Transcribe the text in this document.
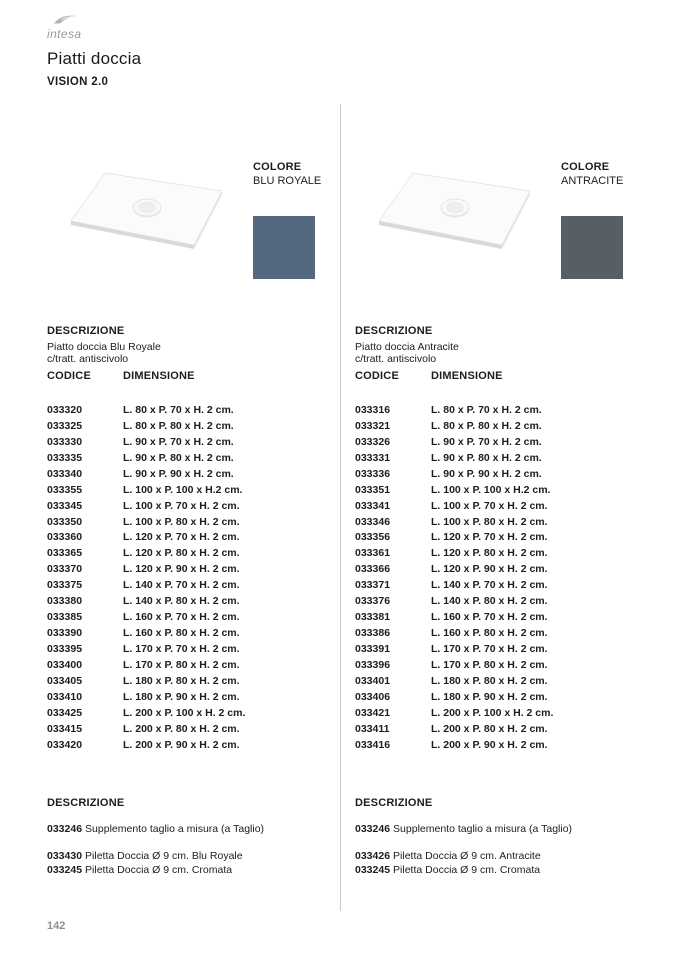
intesa
Piatti doccia
VISION 2.0
COLORE
BLU ROYALE
DESCRIZIONE
Piatto doccia Blu Royale
c/tratt. antiscivolo
CODICE	DIMENSIONE
033320	L. 80 x P. 70 x H. 2 cm.
033325	L. 80 x P. 80 x H. 2 cm.
033330	L. 90 x P. 70 x H. 2 cm.
033335	L. 90 x P. 80 x H. 2 cm.
033340	L. 90 x P. 90 x H. 2 cm.
033355	L. 100 x P. 100 x H.2 cm.
033345	L. 100 x P. 70 x H. 2 cm.
033350	L. 100 x P. 80 x H. 2 cm.
033360	L. 120 x P. 70 x H. 2 cm.
033365	L. 120 x P. 80 x H. 2 cm.
033370	L. 120 x P. 90 x H. 2 cm.
033375	L. 140 x P. 70 x H. 2 cm.
033380	L. 140 x P. 80 x H. 2 cm.
033385	L. 160 x P. 70 x H. 2 cm.
033390	L. 160 x P. 80 x H. 2 cm.
033395	L. 170 x P. 70 x H. 2 cm.
033400	L. 170 x P. 80 x H. 2 cm.
033405	L. 180 x P. 80 x H. 2 cm.
033410	L. 180 x P. 90 x H. 2 cm.
033425	L. 200 x P. 100 x H. 2 cm.
033415	L. 200 x P. 80 x H. 2 cm.
033420	L. 200 x P. 90 x H. 2 cm.
DESCRIZIONE
033246 Supplemento taglio a misura (a Taglio)
033430 Piletta Doccia Ø 9 cm. Blu Royale
033245 Piletta Doccia Ø 9 cm. Cromata
COLORE
ANTRACITE
DESCRIZIONE
Piatto doccia Antracite
c/tratt. antiscivolo
CODICE	DIMENSIONE
033316	L. 80 x P. 70 x H. 2 cm.
033321	L. 80 x P. 80 x H. 2 cm.
033326	L. 90 x P. 70 x H. 2 cm.
033331	L. 90 x P. 80 x H. 2 cm.
033336	L. 90 x P. 90 x H. 2 cm.
033351	L. 100 x P. 100 x H.2 cm.
033341	L. 100 x P. 70 x H. 2 cm.
033346	L. 100 x P. 80 x H. 2 cm.
033356	L. 120 x P. 70 x H. 2 cm.
033361	L. 120 x P. 80 x H. 2 cm.
033366	L. 120 x P. 90 x H. 2 cm.
033371	L. 140 x P. 70 x H. 2 cm.
033376	L. 140 x P. 80 x H. 2 cm.
033381	L. 160 x P. 70 x H. 2 cm.
033386	L. 160 x P. 80 x H. 2 cm.
033391	L. 170 x P. 70 x H. 2 cm.
033396	L. 170 x P. 80 x H. 2 cm.
033401	L. 180 x P. 80 x H. 2 cm.
033406	L. 180 x P. 90 x H. 2 cm.
033421	L. 200 x P. 100 x H. 2 cm.
033411	L. 200 x P. 80 x H. 2 cm.
033416	L. 200 x P. 90 x H. 2 cm.
DESCRIZIONE
033246 Supplemento taglio a misura (a Taglio)
033426 Piletta Doccia Ø 9 cm. Antracite
033245 Piletta Doccia Ø 9 cm. Cromata
142
